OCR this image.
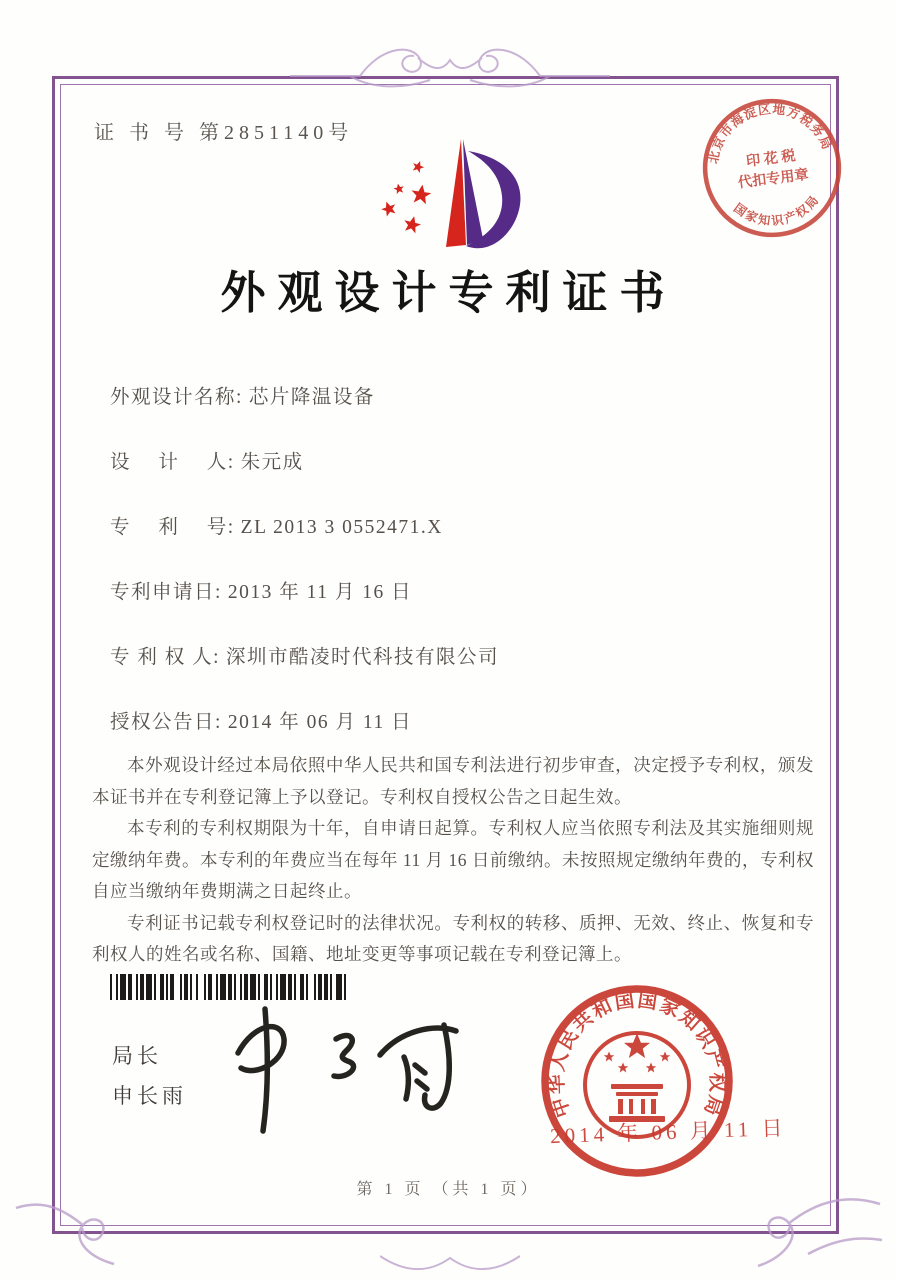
证 书 号 第2851140号
北京市海淀区地方税务局
国家知识产权局
印 花 税
代扣专用章
外观设计专利证书
外观设计名称: 芯片降温设备
设　 计　 人: 朱元成
专　 利　 号: ZL 2013 3 0552471.X
专利申请日: 2013 年 11 月 16 日
专 利 权 人: 深圳市酷凌时代科技有限公司
授权公告日: 2014 年 06 月 11 日

本外观设计经过本局依照中华人民共和国专利法进行初步审查，决定授予专利权，颁发本证书并在专利登记簿上予以登记。专利权自授权公告之日起生效。

本专利的专利权期限为十年，自申请日起算。专利权人应当依照专利法及其实施细则规定缴纳年费。本专利的年费应当在每年 11 月 16 日前缴纳。未按照规定缴纳年费的，专利权自应当缴纳年费期满之日起终止。

专利证书记载专利权登记时的法律状况。专利权的转移、质押、无效、终止、恢复和专利权人的姓名或名称、国籍、地址变更等事项记载在专利登记簿上。

局长
申长雨	中华人民共和国国家知识产权局
2014 年 06 月 11 日
第 1 页 （共 1 页）
